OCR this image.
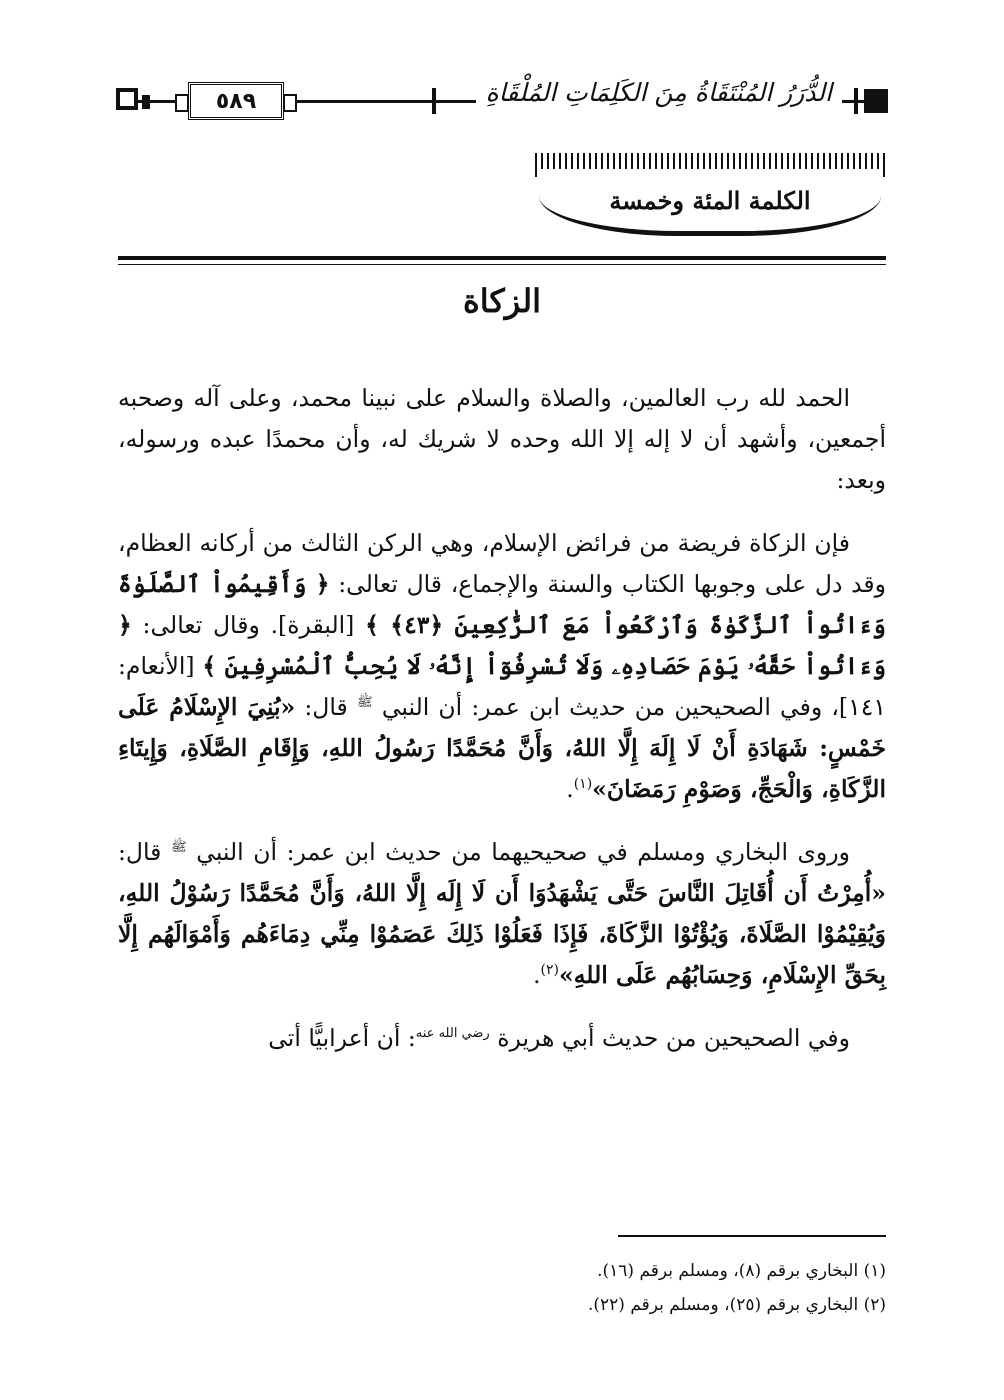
٥٨٩	الدُّرَرُ المُنْتَقَاةُ مِنَ الكَلِمَاتِ المُلْقَاةِ
الكلمة المئة وخمسة
الزكاة

الحمد لله رب العالمين، والصلاة والسلام على نبينا محمد، وعلى آله وصحبه أجمعين، وأشهد أن لا إله إلا الله وحده لا شريك له، وأن محمدًا عبده ورسوله، وبعد:

فإن الزكاة فريضة من فرائض الإسلام، وهي الركن الثالث من أركانه العظام، وقد دل على وجوبها الكتاب والسنة والإجماع، قال تعالى: ﴿ وَأَقِيمُواْ ٱلصَّلَوٰةَ وَءَاتُواْ ٱلزَّكَوٰةَ وَٱرْكَعُواْ مَعَ ٱلرَّٰكِعِينَ ﴿٤٣﴾ ﴾ [البقرة]. وقال تعالى: ﴿ وَءَاتُواْ حَقَّهُۥ يَوْمَ حَصَادِهِۦ وَلَا تُسْرِفُوٓاْ إِنَّهُۥ لَا يُحِبُّ ٱلْمُسْرِفِينَ ﴾ [الأنعام: ١٤١]، وفي الصحيحين من حديث ابن عمر: أن النبي $^ﷺ$ قال: «بُنِيَ الإِسْلَامُ عَلَى خَمْسٍ: شَهَادَةِ أَنْ لَا إِلَهَ إِلَّا اللهُ، وَأَنَّ مُحَمَّدًا رَسُولُ اللهِ، وَإِقَامِ الصَّلَاةِ، وَإِيتَاءِ الزَّكَاةِ، وَالْحَجِّ، وَصَوْمِ رَمَضَانَ»$^{(١)}$.

وروى البخاري ومسلم في صحيحيهما من حديث ابن عمر: أن النبي $^ﷺ$ قال: «أُمِرْتُ أَن أُقَاتِلَ النَّاسَ حَتَّى يَشْهَدُوَا أَن لَا إِلَه إِلَّا اللهُ، وَأَنَّ مُحَمَّدًا رَسُوْلُ اللهِ، وَيُقِيْمُوْا الصَّلَاةَ، وَيُؤْتُوْا الزَّكَاةَ، فَإِذَا فَعَلُوْا ذَلِكَ عَصَمُوْا مِنِّي دِمَاءَهُم وَأَمْوَالَهُم إِلَّا بِحَقِّ الإِسْلَامِ، وَحِسَابُهُم عَلَى اللهِ»$^{(٢)}$.

وفي الصحيحين من حديث أبي هريرة $^{رضي الله عنه}$: أن أعرابيًّا أتى

(١) البخاري برقم (٨)، ومسلم برقم (١٦).

(٢) البخاري برقم (٢٥)، ومسلم برقم (٢٢).
